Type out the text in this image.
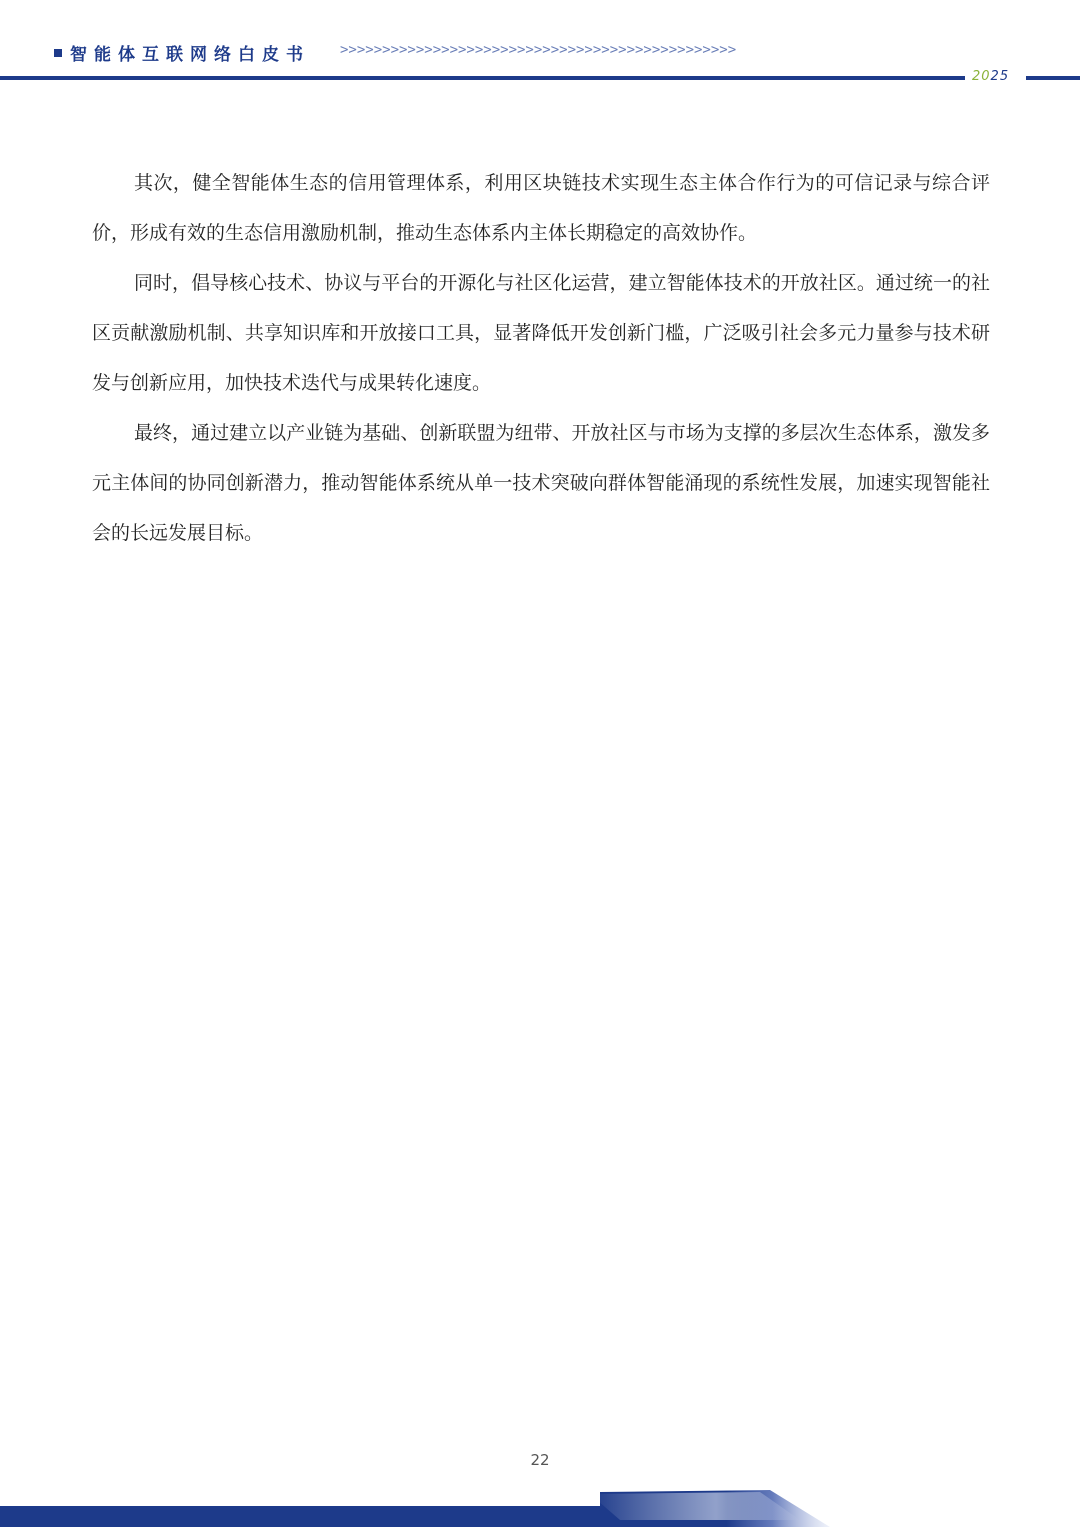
智能体互联网络白皮书 >>>>>>>>>>>>>>>>>>>>>>>>>>>>>>>>>>>>>>>>>>>>>>>
2025

其次，健全智能体生态的信用管理体系，利用区块链技术实现生态主体合作行为的可信记录与综合评价，形成有效的生态信用激励机制，推动生态体系内主体长期稳定的高效协作。

同时，倡导核心技术、协议与平台的开源化与社区化运营，建立智能体技术的开放社区。通过统一的社区贡献激励机制、共享知识库和开放接口工具，显著降低开发创新门槛，广泛吸引社会多元力量参与技术研发与创新应用，加快技术迭代与成果转化速度。

最终，通过建立以产业链为基础、创新联盟为纽带、开放社区与市场为支撑的多层次生态体系，激发多元主体间的协同创新潜力，推动智能体系统从单一技术突破向群体智能涌现的系统性发展，加速实现智能社会的长远发展目标。

22
